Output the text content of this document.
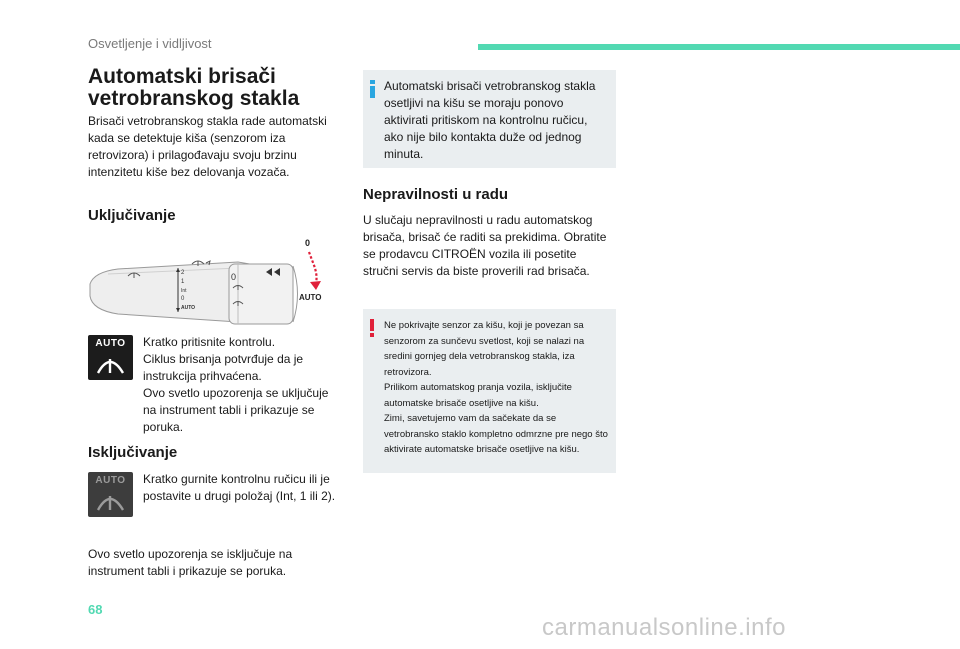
Osvetljenje i vidljivost
Automatski brisači vetrobranskog stakla
Brisači vetrobranskog stakla rade automatski kada se detektuje kiša (senzorom iza retrovizora) i prilagođavaju svoju brzinu intenzitetu kiše bez delovanja vozača.
Uključivanje
2
1
Int
0
AUTO
0
0
AUTO
AUTO	Kratko pritisnite kontrolu.
Ciklus brisanja potvrđuje da je instrukcija prihvaćena.
Ovo svetlo upozorenja se uključuje na instrument tabli i prikazuje se poruka.
Isključivanje
AUTO	Kratko gurnite kontrolnu ručicu ili je postavite u drugi položaj (Int, 1 ili 2).
Ovo svetlo upozorenja se isključuje na instrument tabli i prikazuje se poruka.
Automatski brisači vetrobranskog stakla osetljivi na kišu se moraju ponovo aktivirati pritiskom na kontrolnu ručicu, ako nije bilo kontakta duže od jednog minuta.
Nepravilnosti u radu
U slučaju nepravilnosti u radu automatskog brisača, brisač će raditi sa prekidima. Obratite se prodavcu CITROËN vozila ili posetite stručni servis da biste proverili rad brisača.
Ne pokrivajte senzor za kišu, koji je povezan sa senzorom za sunčevu svetlost, koji se nalazi na sredini gornjeg dela vetrobranskog stakla, iza retrovizora.
Prilikom automatskog pranja vozila, isključite automatske brisače osetljive na kišu.
Zimi, savetujemo vam da sačekate da se vetrobransko staklo kompletno odmrzne pre nego što aktivirate automatske brisače osetljive na kišu.
68
carmanualsonline.info
